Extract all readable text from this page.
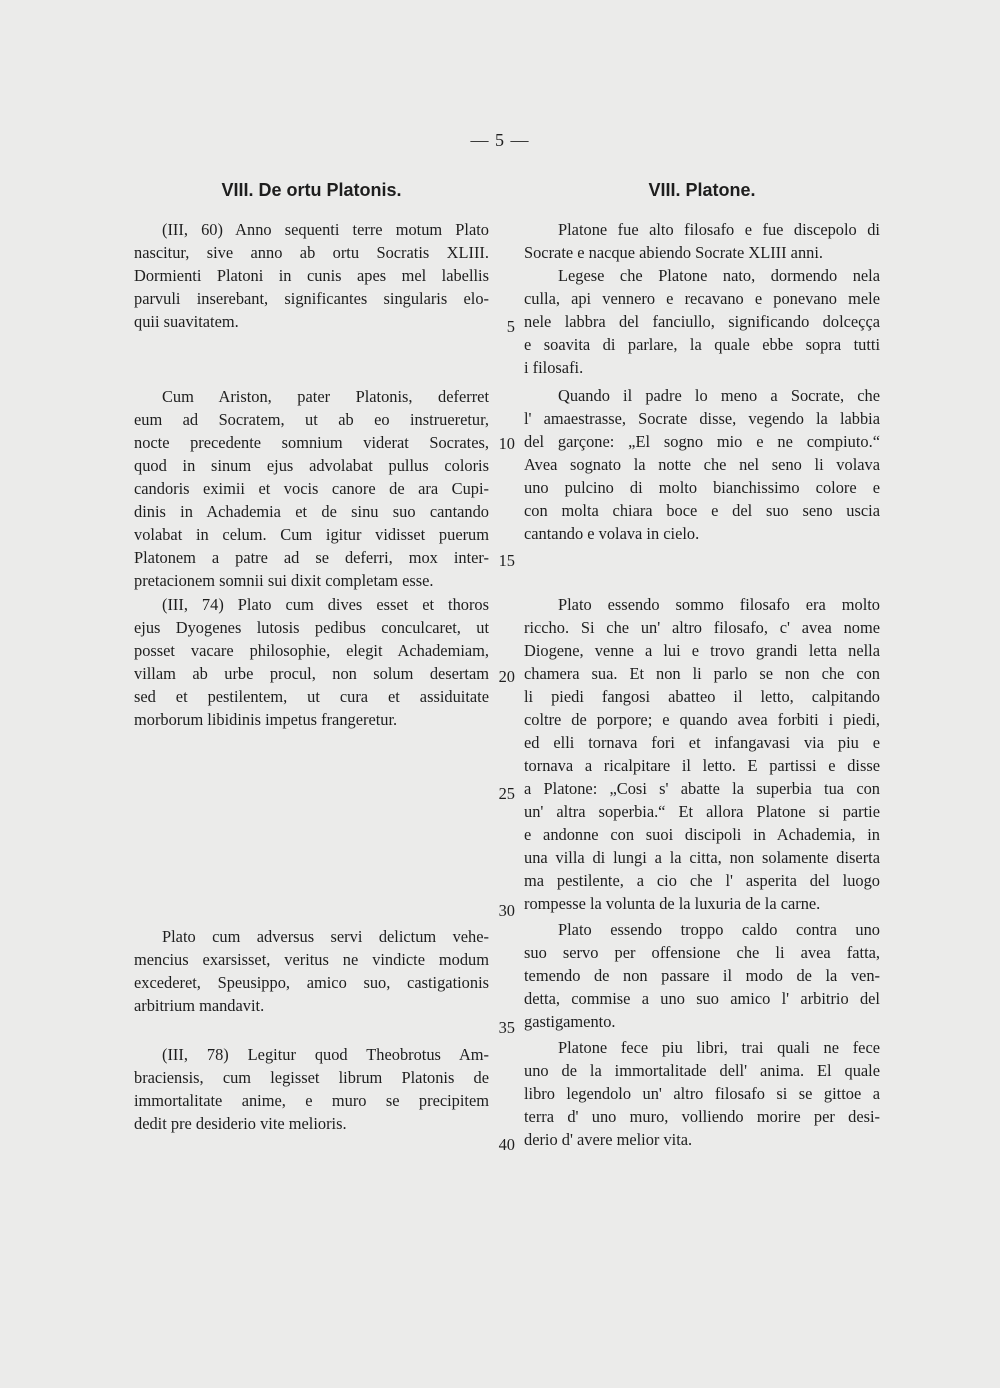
— 5 —
VIII. De ortu Platonis.	VIII. Platone.
(III, 60) Anno sequenti terre motum Plato
nascitur, sive anno ab ortu Socratis XLIII.
Dormienti Platoni in cunis apes mel labellis
parvuli inserebant, significantes singularis elo-
quii suavitatem.
Cum Ariston, pater Platonis, deferret
eum ad Socratem, ut ab eo instrueretur,
nocte precedente somnium viderat Socrates,
quod in sinum ejus advolabat pullus coloris
candoris eximii et vocis canore de ara Cupi-
dinis in Achademia et de sinu suo cantando
volabat in celum. Cum igitur vidisset puerum
Platonem a patre ad se deferri, mox inter-
pretacionem somnii sui dixit completam esse.
(III, 74) Plato cum dives esset et thoros
ejus Dyogenes lutosis pedibus conculcaret, ut
posset vacare philosophie, elegit Achademiam,
villam ab urbe procul, non solum desertam
sed et pestilentem, ut cura et assiduitate
morborum libidinis impetus frangeretur.
Plato cum adversus servi delictum vehe-
mencius exarsisset, veritus ne vindicte modum
excederet, Speusippo, amico suo, castigationis
arbitrium mandavit.
(III, 78) Legitur quod Theobrotus Am-
braciensis, cum legisset librum Platonis de
immortalitate anime, e muro se precipitem
dedit pre desiderio vite melioris.
5
10
15
20
25
30
35
40
Platone fue alto filosafo e fue discepolo di
Socrate e nacque abiendo Socrate XLIII anni.
Legese che Platone nato, dormendo nela
culla, api vennero e recavano e ponevano mele
nele labbra del fanciullo, significando dolceçça
e soavita di parlare, la quale ebbe sopra tutti
i filosafi.
Quando il padre lo meno a Socrate, che
l' amaestrasse, Socrate disse, vegendo la labbia
del garçone: „El sogno mio e ne compiuto.“
Avea sognato la notte che nel seno li volava
uno pulcino di molto bianchissimo colore e
con molta chiara boce e del suo seno uscia
cantando e volava in cielo.
Plato essendo sommo filosafo era molto
riccho. Si che un' altro filosafo, c' avea nome
Diogene, venne a lui e trovo grandi letta nella
chamera sua. Et non li parlo se non che con
li piedi fangosi abatteo il letto, calpitando
coltre de porpore; e quando avea forbiti i piedi,
ed elli tornava fori et infangavasi via piu e
tornava a ricalpitare il letto. E partissi e disse
a Platone: „Cosi s' abatte la superbia tua con
un' altra soperbia.“ Et allora Platone si partie
e andonne con suoi discipoli in Achademia, in
una villa di lungi a la citta, non solamente diserta
ma pestilente, a cio che l' asperita del luogo
rompesse la volunta de la luxuria de la carne.
Plato essendo troppo caldo contra uno
suo servo per offensione che li avea fatta,
temendo de non passare il modo de la ven-
detta, commise a uno suo amico l' arbitrio del
gastigamento.
Platone fece piu libri, trai quali ne fece
uno de la immortalitade dell' anima. El quale
libro legendolo un' altro filosafo si se gittoe a
terra d' uno muro, volliendo morire per desi-
derio d' avere melior vita.
